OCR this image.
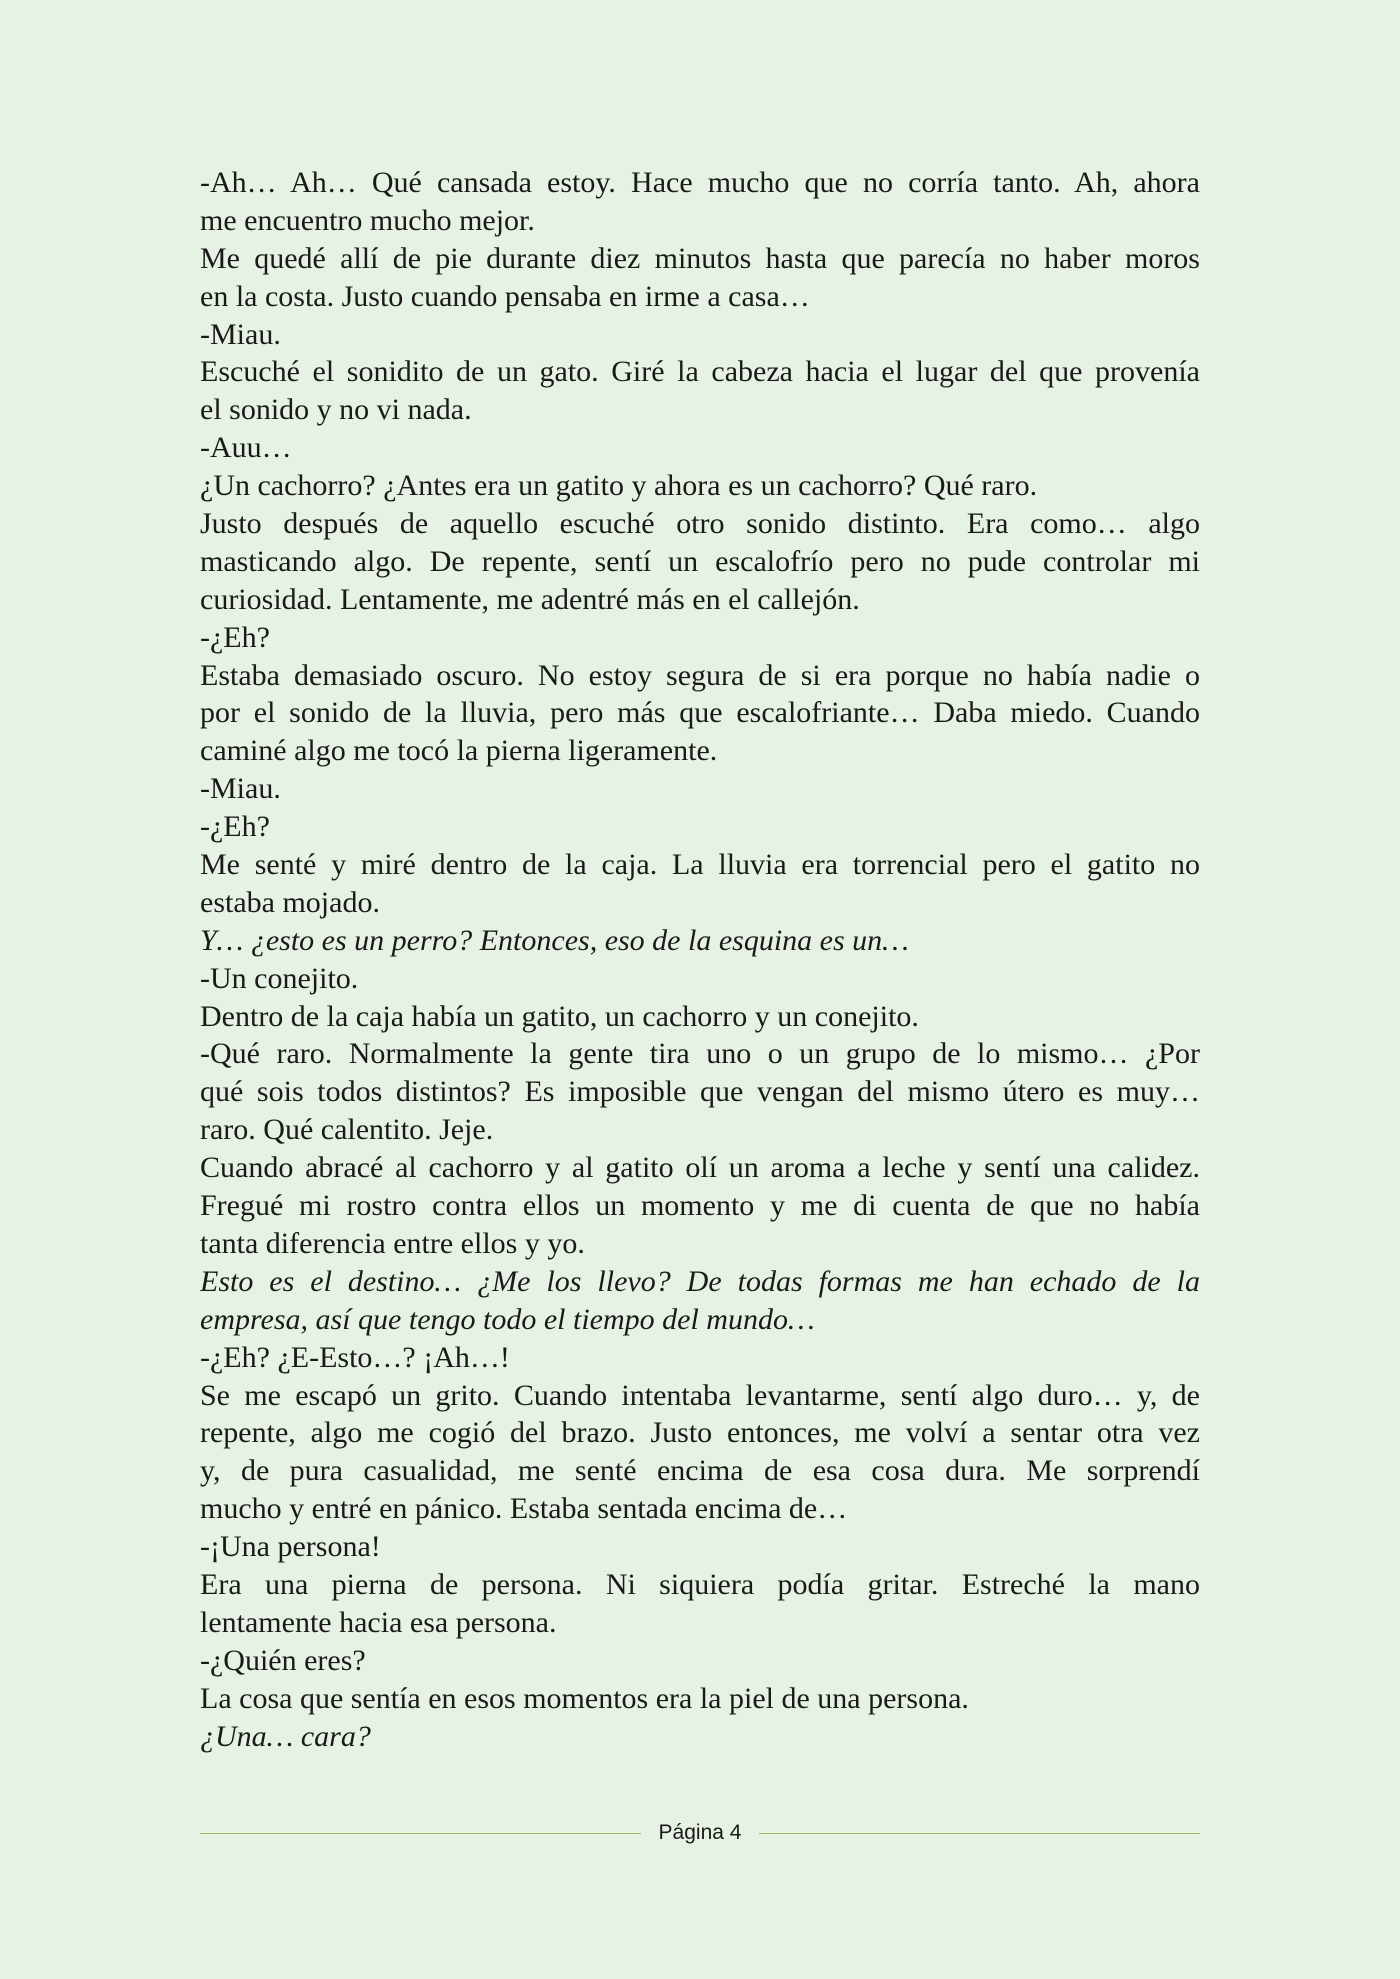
-Ah… Ah… Qué cansada estoy. Hace mucho que no corría tanto. Ah, ahora
me encuentro mucho mejor.
Me quedé allí de pie durante diez minutos hasta que parecía no haber moros
en la costa. Justo cuando pensaba en irme a casa…
-Miau.
Escuché el sonidito de un gato. Giré la cabeza hacia el lugar del que provenía
el sonido y no vi nada.
-Auu…
¿Un cachorro? ¿Antes era un gatito y ahora es un cachorro? Qué raro.
Justo después de aquello escuché otro sonido distinto. Era como… algo
masticando algo. De repente, sentí un escalofrío pero no pude controlar mi
curiosidad. Lentamente, me adentré más en el callejón.
-¿Eh?
Estaba demasiado oscuro. No estoy segura de si era porque no había nadie o
por el sonido de la lluvia, pero más que escalofriante… Daba miedo. Cuando
caminé algo me tocó la pierna ligeramente.
-Miau.
-¿Eh?
Me senté y miré dentro de la caja. La lluvia era torrencial pero el gatito no
estaba mojado.
Y… ¿esto es un perro? Entonces, eso de la esquina es un…
-Un conejito.
Dentro de la caja había un gatito, un cachorro y un conejito.
-Qué raro. Normalmente la gente tira uno o un grupo de lo mismo… ¿Por
qué sois todos distintos? Es imposible que vengan del mismo útero es muy…
raro. Qué calentito. Jeje.
Cuando abracé al cachorro y al gatito olí un aroma a leche y sentí una calidez.
Fregué mi rostro contra ellos un momento y me di cuenta de que no había
tanta diferencia entre ellos y yo.
Esto es el destino… ¿Me los llevo? De todas formas me han echado de la
empresa, así que tengo todo el tiempo del mundo…
-¿Eh? ¿E-Esto…? ¡Ah…!
Se me escapó un grito. Cuando intentaba levantarme, sentí algo duro… y, de
repente, algo me cogió del brazo. Justo entonces, me volví a sentar otra vez
y, de pura casualidad, me senté encima de esa cosa dura. Me sorprendí
mucho y entré en pánico. Estaba sentada encima de…
-¡Una persona!
Era una pierna de persona. Ni siquiera podía gritar. Estreché la mano
lentamente hacia esa persona.
-¿Quién eres?
La cosa que sentía en esos momentos era la piel de una persona.
¿Una… cara?
Página 4
